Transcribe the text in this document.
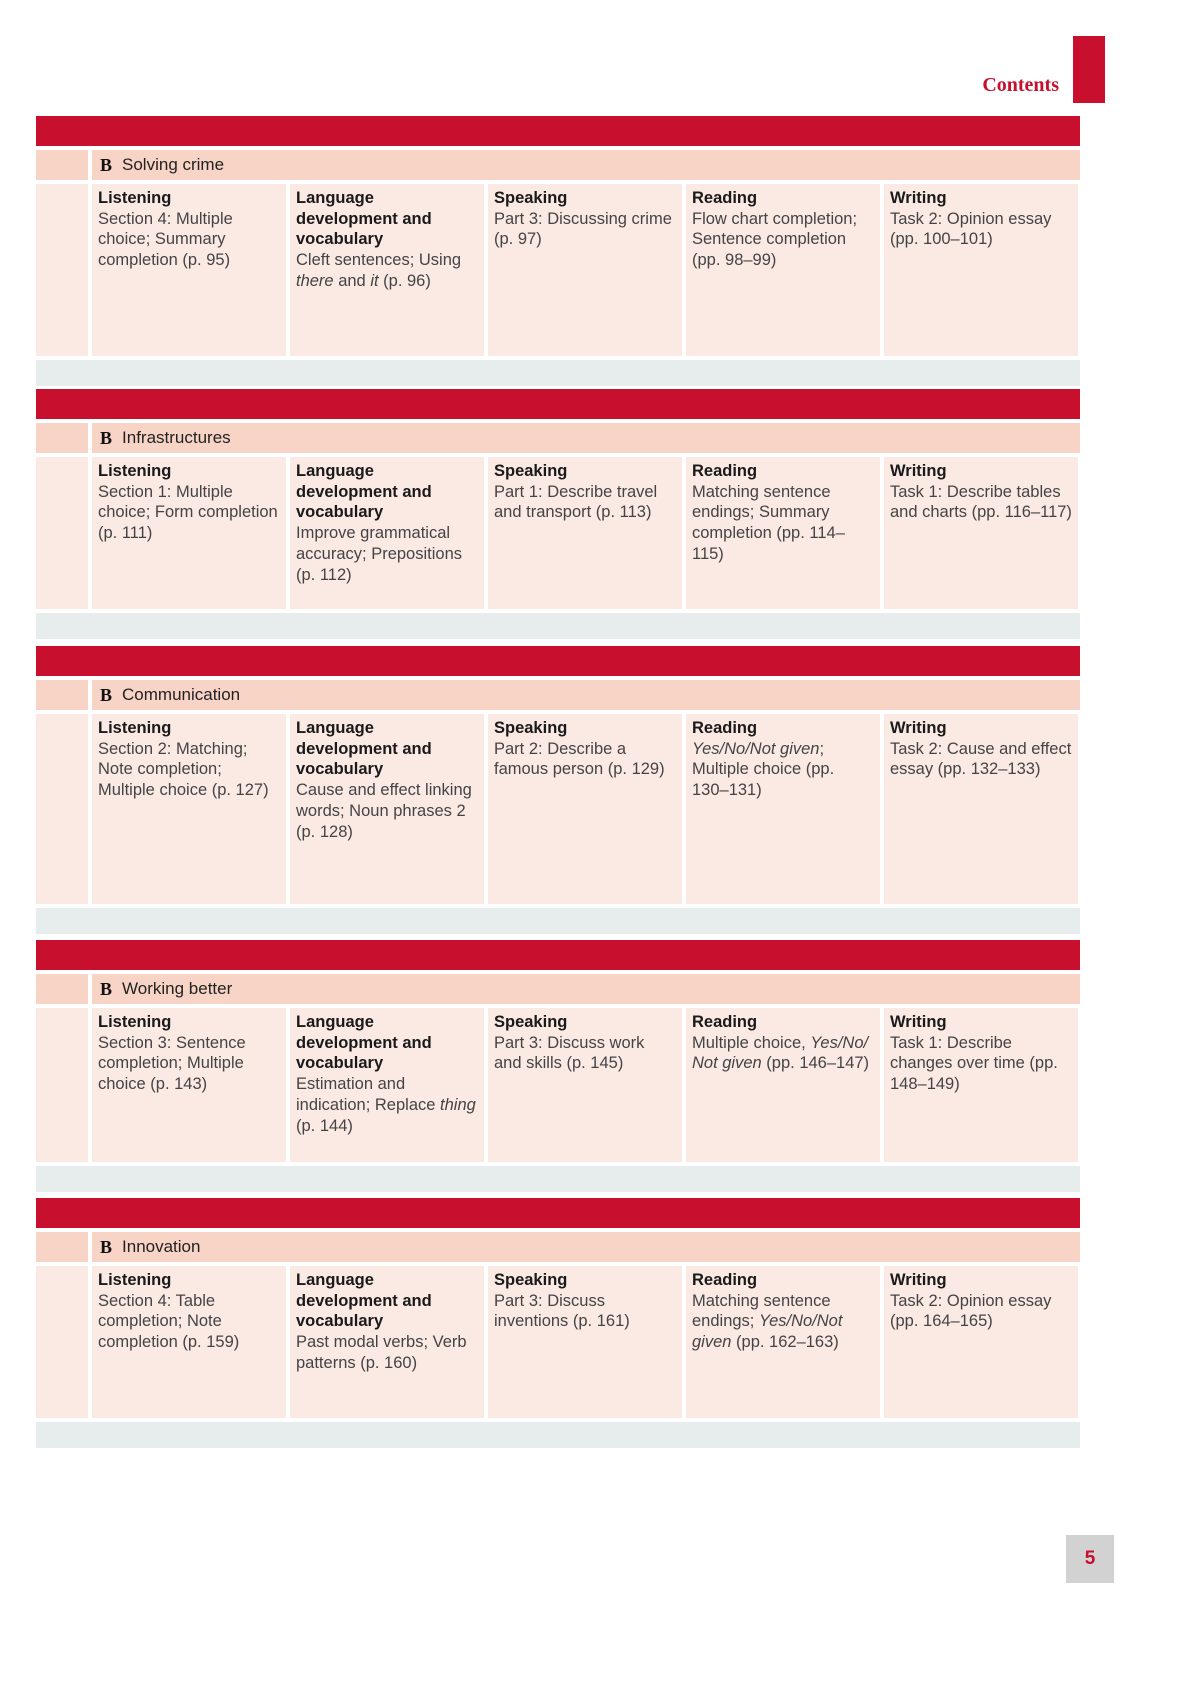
Contents
B Solving crime
Listening
Section 4: Multiple choice; Summary completion (p. 95)
Language development and vocabulary
Cleft sentences; Using there and it (p. 96)
Speaking
Part 3: Discussing crime (p. 97)
Reading
Flow chart completion; Sentence completion (pp. 98–99)
Writing
Task 2: Opinion essay (pp. 100–101)
B Infrastructures
Listening
Section 1: Multiple choice; Form completion (p. 111)
Language development and vocabulary
Improve grammatical accuracy; Prepositions (p. 112)
Speaking
Part 1: Describe travel and transport (p. 113)
Reading
Matching sentence endings; Summary completion (pp. 114–115)
Writing
Task 1: Describe tables and charts (pp. 116–117)
B Communication
Listening
Section 2: Matching; Note completion; Multiple choice (p. 127)
Language development and vocabulary
Cause and effect linking words; Noun phrases 2 (p. 128)
Speaking
Part 2: Describe a famous person (p. 129)
Reading
Yes/No/Not given; Multiple choice (pp. 130–131)
Writing
Task 2: Cause and effect essay (pp. 132–133)
B Working better
Listening
Section 3: Sentence completion; Multiple choice (p. 143)
Language development and vocabulary
Estimation and indication; Replace thing (p. 144)
Speaking
Part 3: Discuss work and skills (p. 145)
Reading
Multiple choice, Yes/No/ Not given (pp. 146–147)
Writing
Task 1: Describe changes over time (pp. 148–149)
B Innovation
Listening
Section 4: Table completion; Note completion (p. 159)
Language development and vocabulary
Past modal verbs; Verb patterns (p. 160)
Speaking
Part 3: Discuss inventions (p. 161)
Reading
Matching sentence endings; Yes/No/Not given (pp. 162–163)
Writing
Task 2: Opinion essay (pp. 164–165)
5
